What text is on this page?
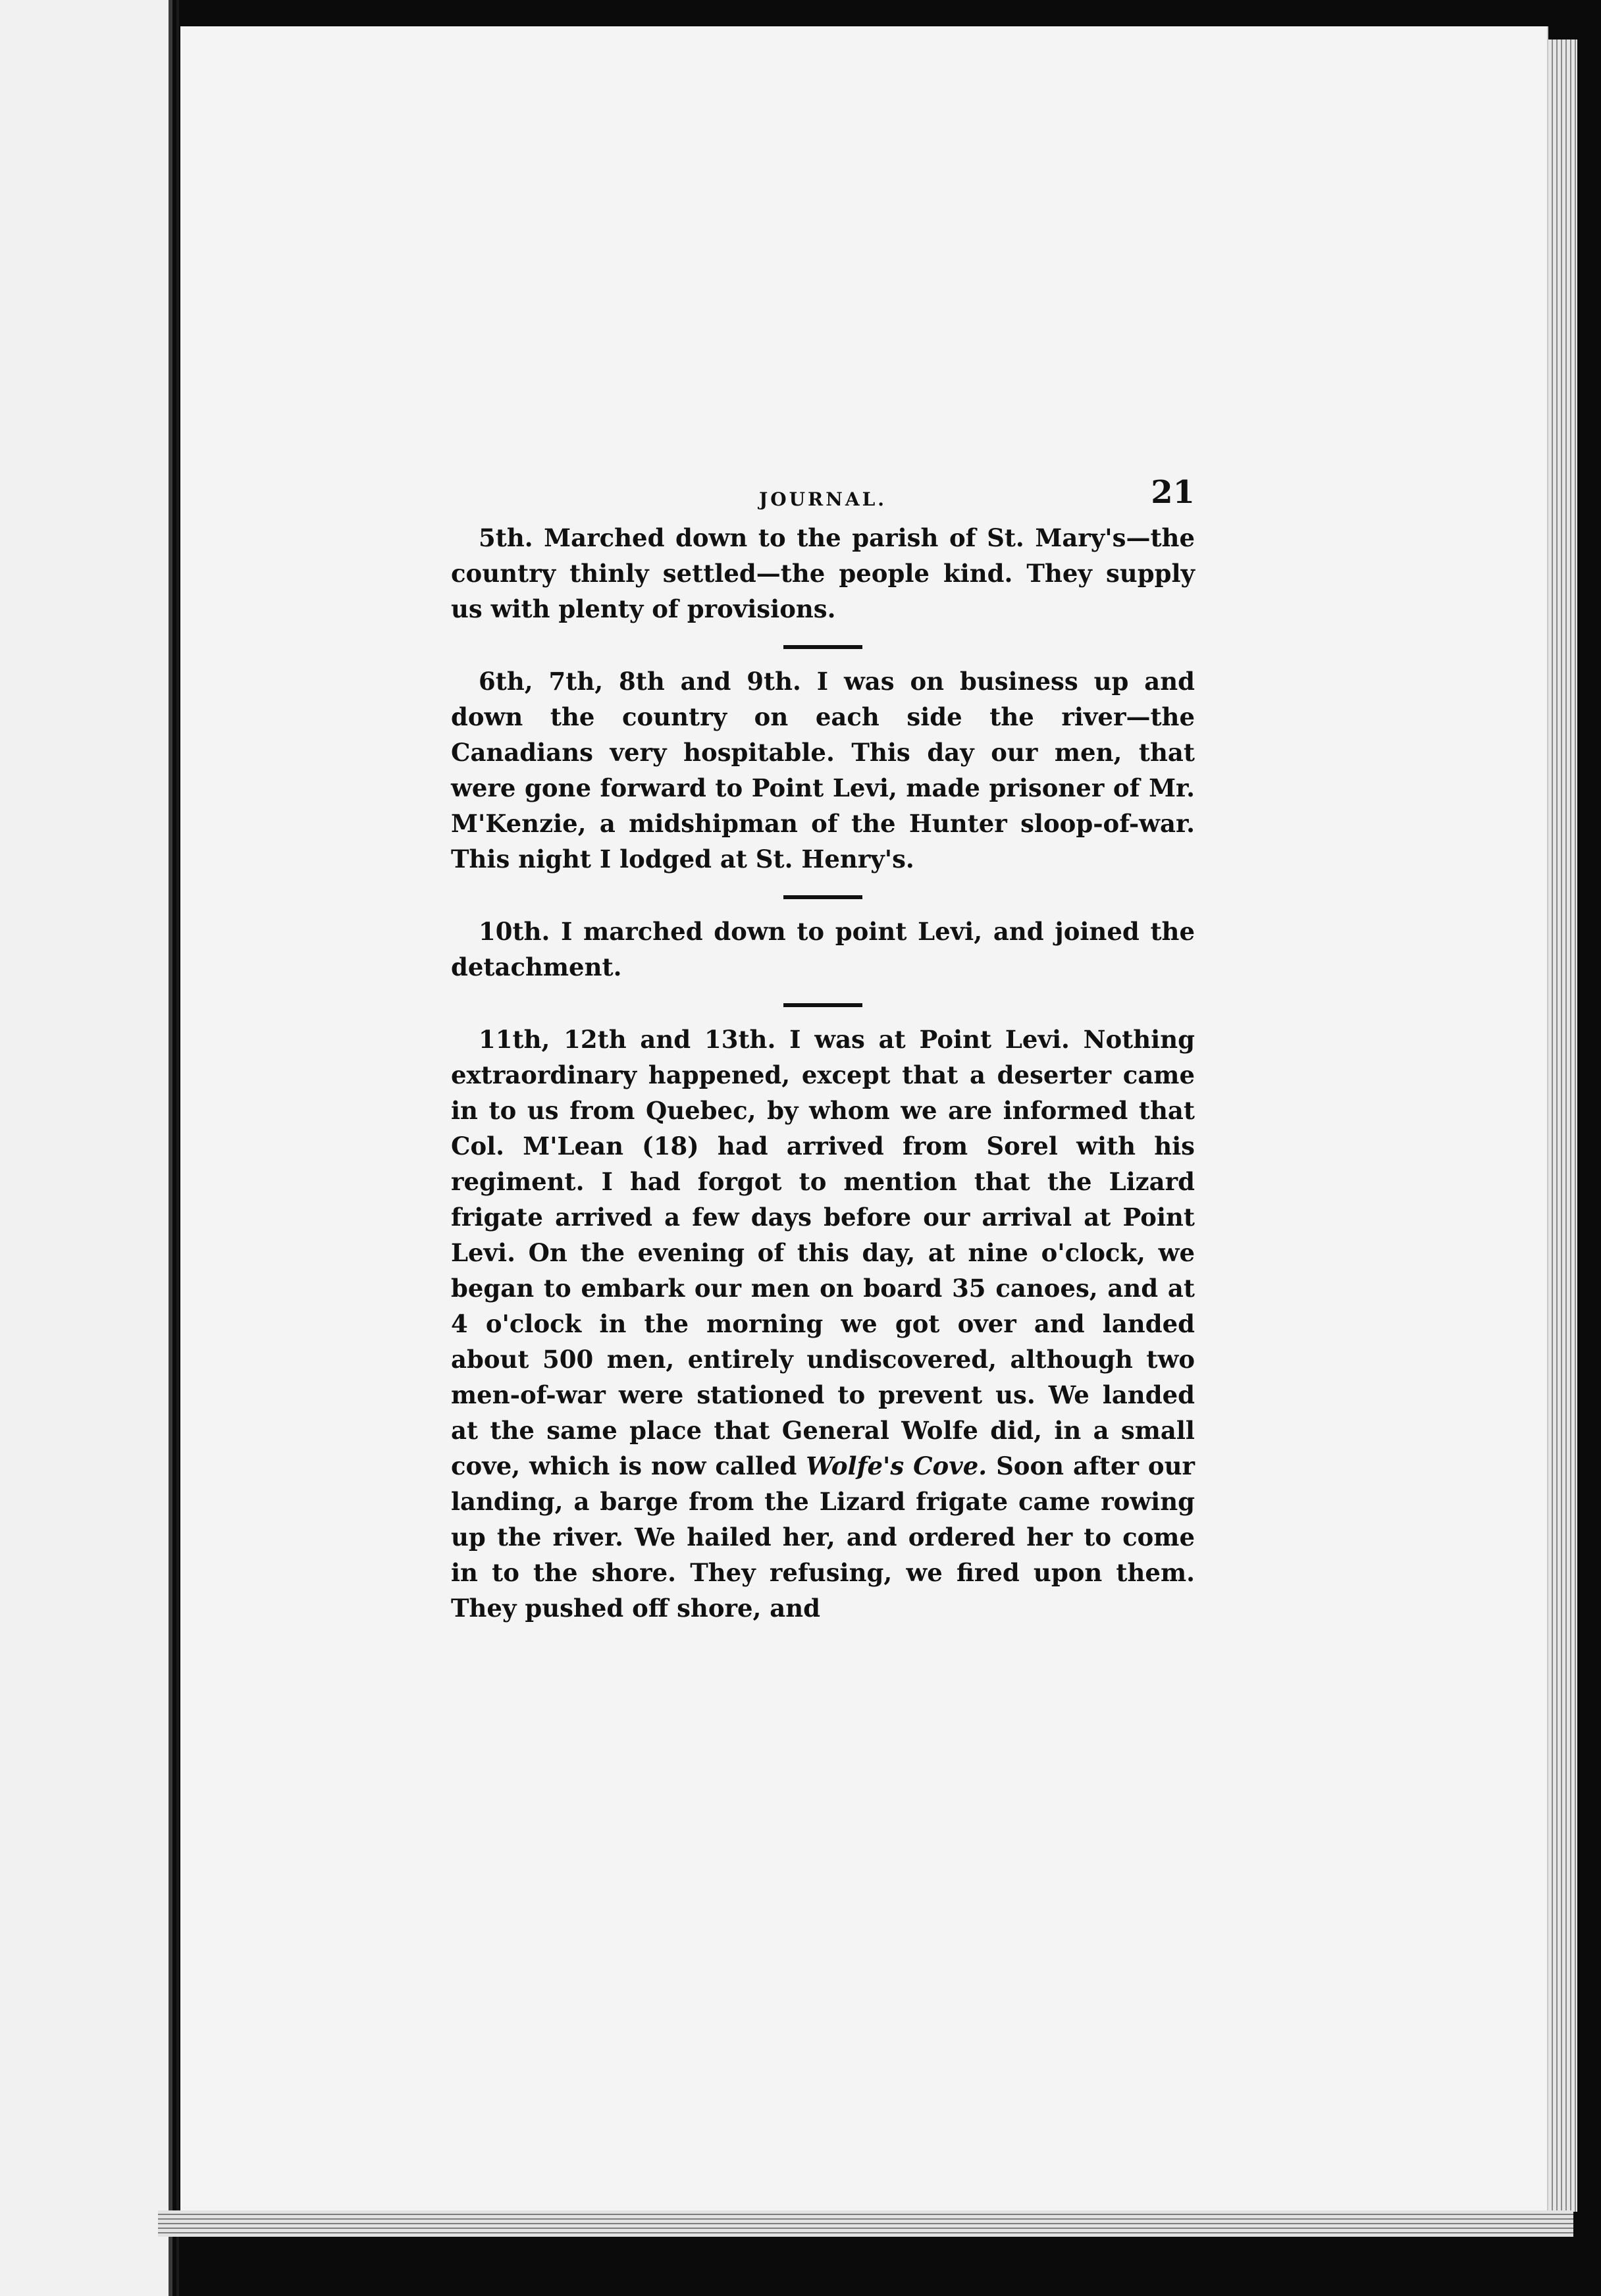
JOURNAL.	21

5th. Marched down to the parish of St. Mary's—the country thinly settled—the people kind. They supply us with plenty of provisions.

6th, 7th, 8th and 9th. I was on business up and down the country on each side the river—the Canadians very hospitable. This day our men, that were gone forward to Point Levi, made prisoner of Mr. M'Kenzie, a midshipman of the Hunter sloop-of-war. This night I lodged at St. Henry's.

10th. I marched down to point Levi, and joined the detachment.

11th, 12th and 13th. I was at Point Levi. Nothing extraordinary happened, except that a deserter came in to us from Quebec, by whom we are informed that Col. M'Lean (18) had arrived from Sorel with his regiment. I had forgot to mention that the Lizard frigate arrived a few days before our arrival at Point Levi. On the evening of this day, at nine o'clock, we began to embark our men on board 35 canoes, and at 4 o'clock in the morning we got over and landed about 500 men, entirely undiscovered, although two men-of-war were stationed to prevent us. We landed at the same place that General Wolfe did, in a small cove, which is now called Wolfe's Cove. Soon after our landing, a barge from the Lizard frigate came rowing up the river. We hailed her, and ordered her to come in to the shore. They refusing, we fired upon them. They pushed off shore, and
